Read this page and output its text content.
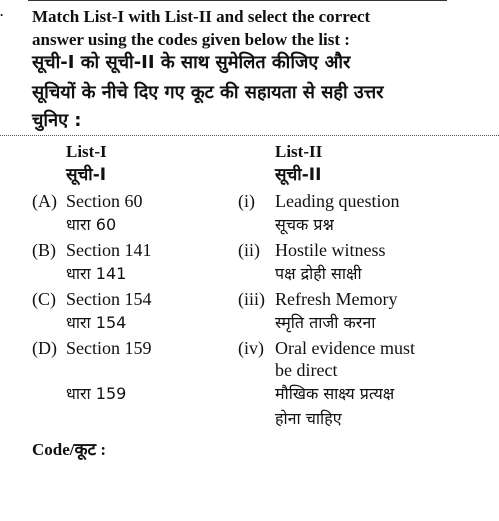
. Match List-I with List-II and select the correct
answer using the codes given below the list :
सूची-I को सूची-II के साथ सुमेलित कीजिए और
सूचियों के नीचे दिए गए कूट की सहायता से सही उत्तर
चुनिए :
List-I
सूची-I
List-II
सूची-II
(A) Section 60
धारा 60
(B) Section 141
धारा 141
(C) Section 154
धारा 154
(D) Section 159
धारा 159
(i) Leading question
सूचक प्रश्न
(ii) Hostile witness
पक्ष द्रोही साक्षी
(iii) Refresh Memory
स्मृति ताजी करना
(iv) Oral evidence must
be direct
मौखिक साक्ष्य प्रत्यक्ष
होना चाहिए
Code/कूट :
